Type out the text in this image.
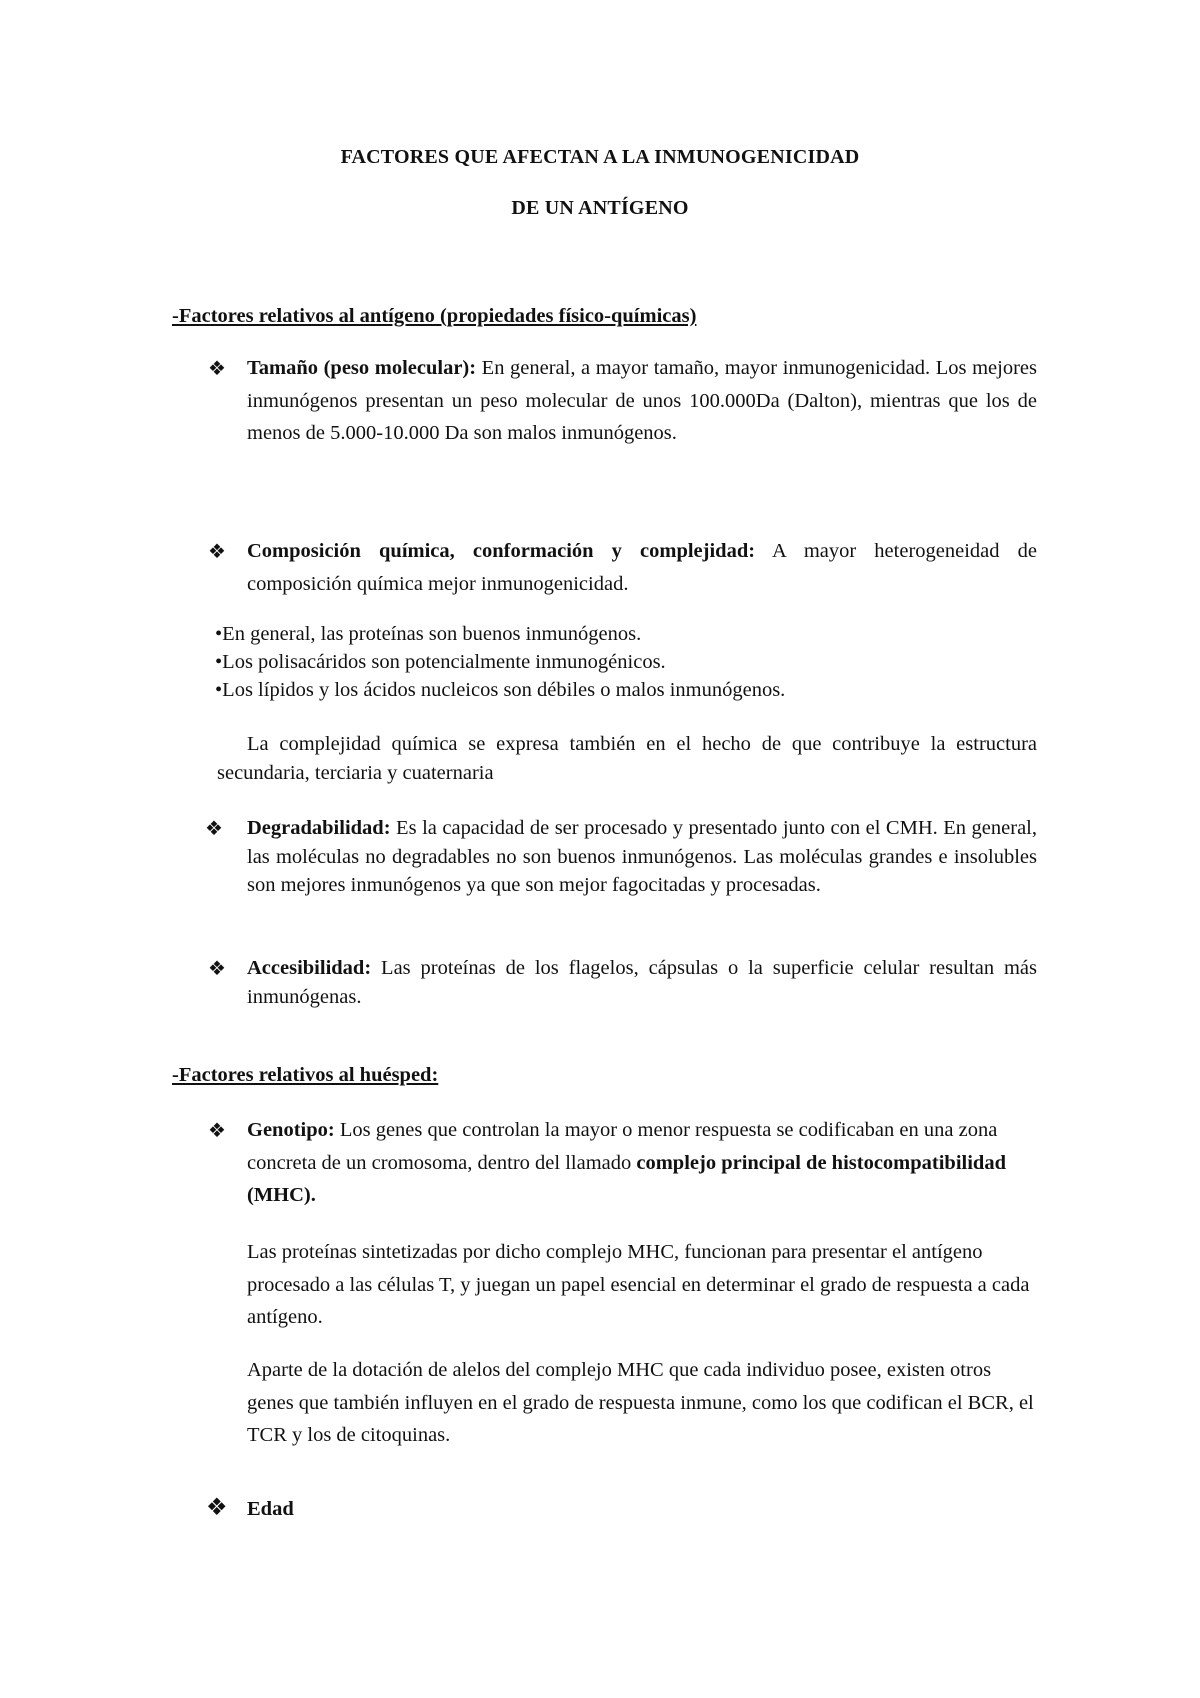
FACTORES QUE AFECTAN A LA INMUNOGENICIDAD
DE UN ANTÍGENO
-Factores relativos al antígeno (propiedades físico-químicas)
❖ Tamaño (peso molecular): En general, a mayor tamaño, mayor inmunogenicidad. Los mejores inmunógenos presentan un peso molecular de unos 100.000Da (Dalton), mientras que los de menos de 5.000-10.000 Da son malos inmunógenos.
❖ Composición química, conformación y complejidad: A mayor heterogeneidad de composición química mejor inmunogenicidad.
•En general, las proteínas son buenos inmunógenos.
•Los polisacáridos son potencialmente inmunogénicos.
•Los lípidos y los ácidos nucleicos son débiles o malos inmunógenos.
La complejidad química se expresa también en el hecho de que contribuye la estructura secundaria, terciaria y cuaternaria
❖ Degradabilidad: Es la capacidad de ser procesado y presentado junto con el CMH. En general, las moléculas no degradables no son buenos inmunógenos. Las moléculas grandes e insolubles son mejores inmunógenos ya que son mejor fagocitadas y procesadas.
❖ Accesibilidad: Las proteínas de los flagelos, cápsulas o la superficie celular resultan más inmunógenas.
-Factores relativos al huésped:
❖ Genotipo: Los genes que controlan la mayor o menor respuesta se codificaban en una zona concreta de un cromosoma, dentro del llamado complejo principal de histocompatibilidad (MHC).
Las proteínas sintetizadas por dicho complejo MHC, funcionan para presentar el antígeno procesado a las células T, y juegan un papel esencial en determinar el grado de respuesta a cada antígeno.
Aparte de la dotación de alelos del complejo MHC que cada individuo posee, existen otros genes que también influyen en el grado de respuesta inmune, como los que codifican el BCR, el TCR y los de citoquinas.
❖ Edad
